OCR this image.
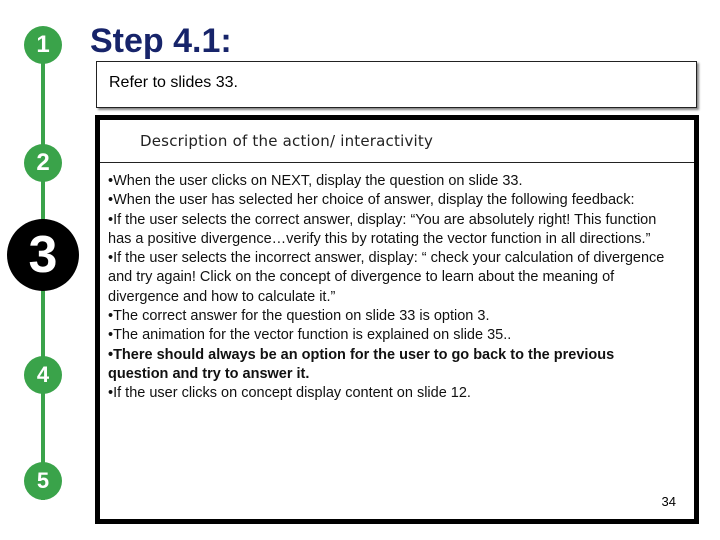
1
2
3
4
5
Step 4.1:
Refer to slides 33.
Description of the action/ interactivity

•When the user clicks on NEXT, display the question on slide 33.

•When the user has selected her choice of answer, display the following feedback:

•If the user selects the correct answer, display: “You are absolutely right! This function has a positive divergence…verify this by rotating the vector function in all directions.”

•If the user selects the incorrect answer, display: “ check your calculation of divergence and try again! Click on the concept of divergence to learn about the meaning of divergence and how to calculate it.”

•The correct answer for the question on slide 33 is option 3.

•The animation for the vector function is explained on slide 35..

•There should always be an option for the user to go back to the previous question and try to answer it.

•If the user clicks on concept display content on slide 12.

34
